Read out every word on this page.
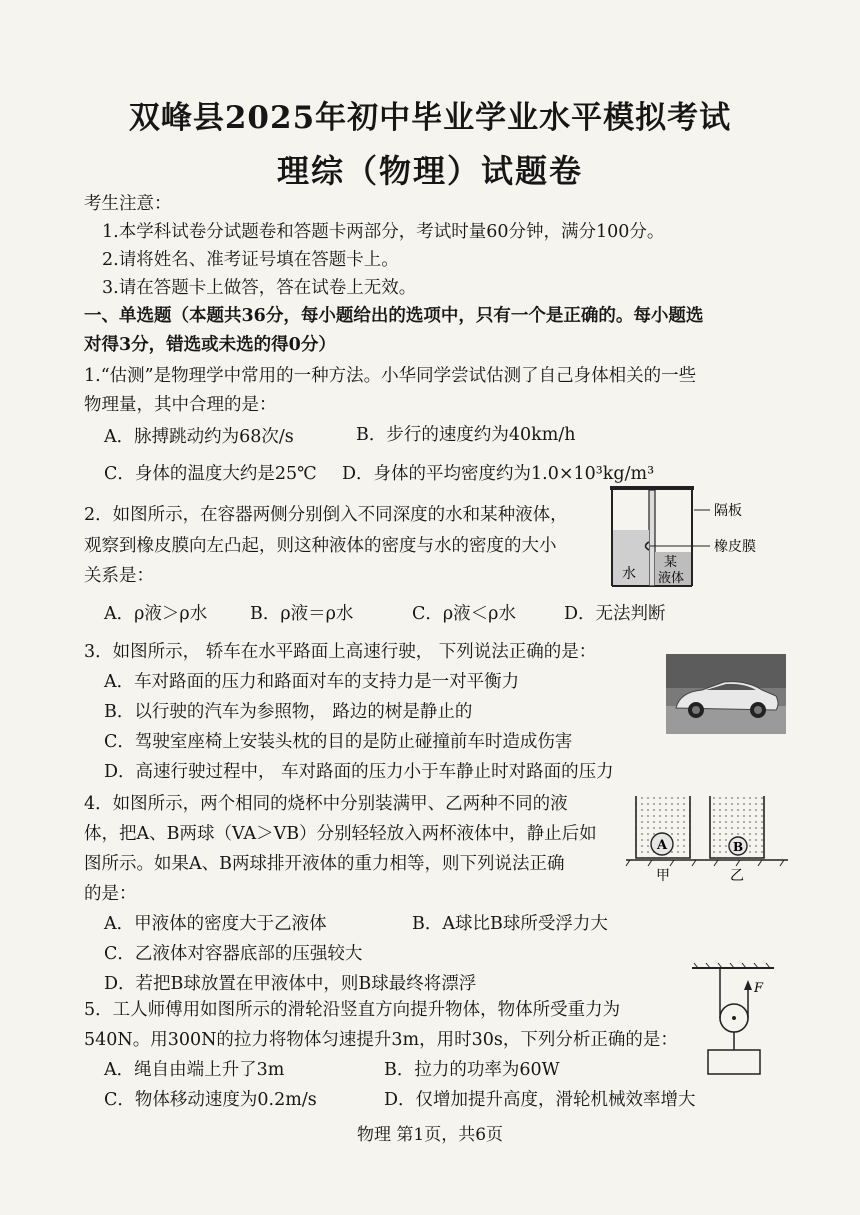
双峰县2025年初中毕业学业水平模拟考试
理综（物理）试题卷
考生注意：
1.本学科试卷分试题卷和答题卡两部分，考试时量60分钟，满分100分。
2.请将姓名、准考证号填在答题卡上。
3.请在答题卡上做答，答在试卷上无效。
一、单选题（本题共36分，每小题给出的选项中，只有一个是正确的。每小题选
对得3分，错选或未选的得0分）
1.“估测”是物理学中常用的一种方法。小华同学尝试估测了自己身体相关的一些
物理量，其中合理的是：
A．脉搏跳动约为68次/s	B．步行的速度约为40km/h
C．身体的温度大约是25℃ D．身体的平均密度约为1.0×10³kg/m³
2．如图所示，在容器两侧分别倒入不同深度的水和某种液体，
观察到橡皮膜向左凸起，则这种液体的密度与水的密度的大小
关系是：
A．ρ液＞ρ水 B．ρ液＝ρ水	C．ρ液＜ρ水	D．无法判断
隔板
橡皮膜
水
某
液体
3．如图所示， 轿车在水平路面上高速行驶， 下列说法正确的是：
A．车对路面的压力和路面对车的支持力是一对平衡力
B．以行驶的汽车为参照物， 路边的树是静止的
C．驾驶室座椅上安装头枕的目的是防止碰撞前车时造成伤害
D．高速行驶过程中， 车对路面的压力小于车静止时对路面的压力
4．如图所示，两个相同的烧杯中分别装满甲、乙两种不同的液
体，把A、B两球（VA＞VB）分别轻轻放入两杯液体中，静止后如
图所示。如果A、B两球排开液体的重力相等，则下列说法正确
的是：
A．甲液体的密度大于乙液体	B．A球比B球所受浮力大
C．乙液体对容器底部的压强较大
D．若把B球放置在甲液体中，则B球最终将漂浮
A	B
甲	乙
5．工人师傅用如图所示的滑轮沿竖直方向提升物体，物体所受重力为
540N。用300N的拉力将物体匀速提升3m，用时30s，下列分析正确的是：
A．绳自由端上升了3m	B．拉力的功率为60W
C．物体移动速度为0.2m/s	D．仅增加提升高度，滑轮机械效率增大
F
物理 第1页，共6页
